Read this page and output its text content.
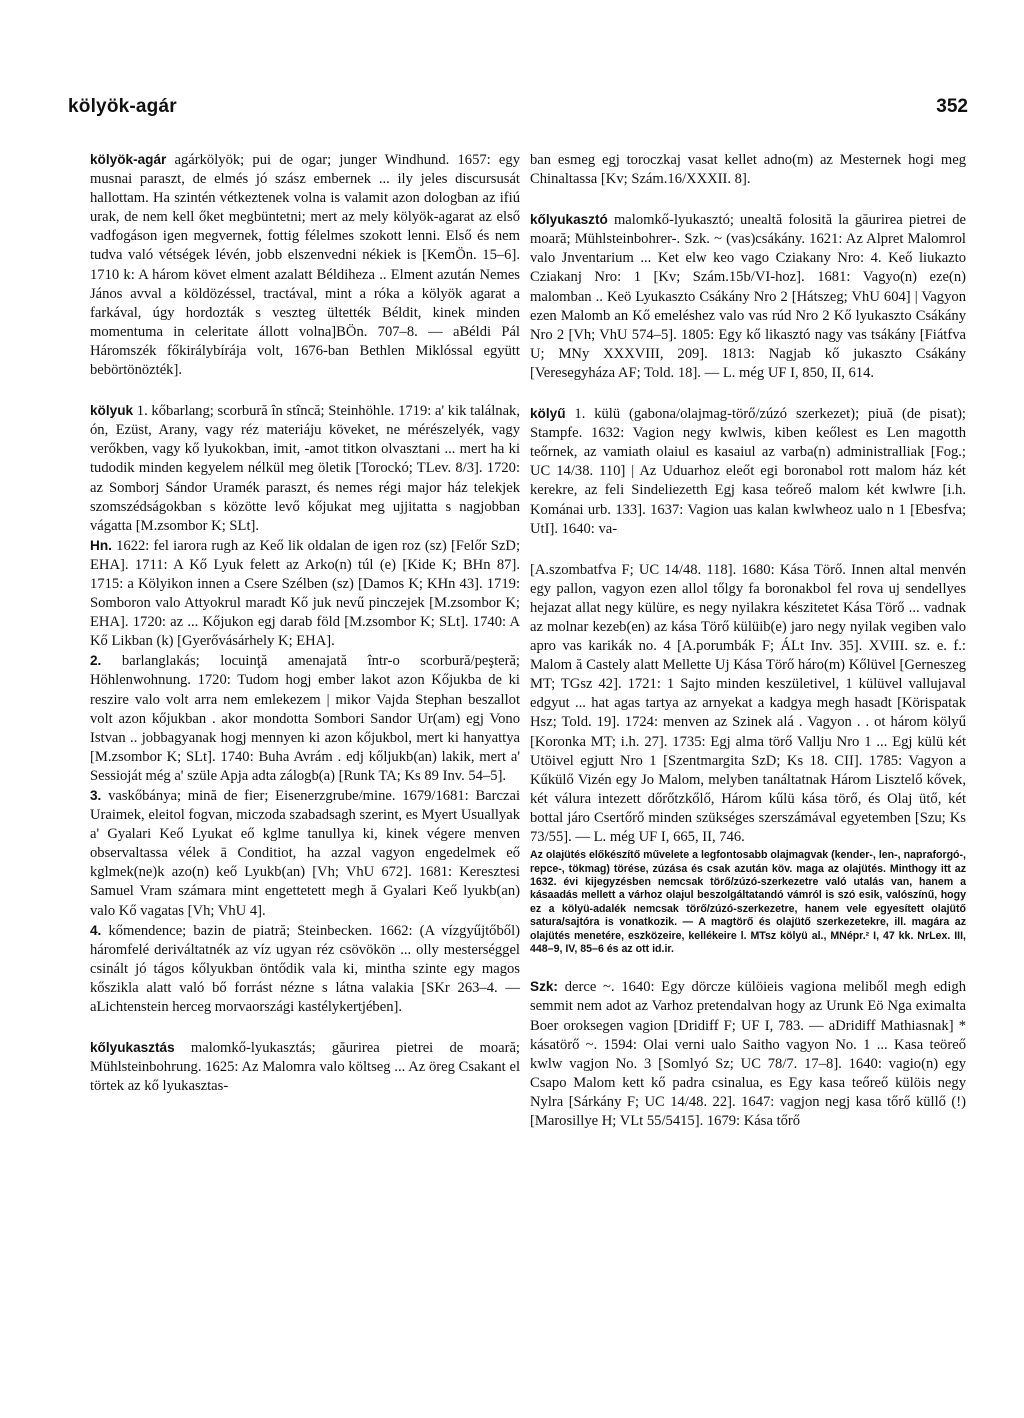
kölyök-agár	352

kölyök-agár agárkölyök; pui de ogar; junger Windhund. 1657: egy musnai paraszt, de elmés jó szász embernek ... ily jeles discursusát hallottam. Ha szintén vétkeztenek volna is valamit azon dologban az ifiú urak, de nem kell őket megbüntetni; mert az mely kölyök-agarat az első vadfogáson igen megvernek, fottig félelmes szokott lenni. Első és nem tudva való vétségek lévén, jobb elszenvedni nékiek is [KemÖn. 15–6]. 1710 k: A három követ elment azalatt Béldiheza .. Elment azután Nemes János avval a köldözéssel, tractával, mint a róka a kölyök agarat a farkával, úgy hordozták s veszteg ültették Béldit, kinek minden momentuma in celeritate állott volna]BÖn. 707–8. — aBéldi Pál Háromszék főkirálybírája volt, 1676-ban Bethlen Miklóssal együtt bebörtönözték].

kölyuk 1. kőbarlang; scorbură în stîncă; Steinhöhle. 1719: a' kik találnak, ón, Ezüst, Arany, vagy réz materiáju köveket, ne mérészelyék, vagy verőkben, vagy kő lyukokban, imit, -amot titkon olvasztani ... mert ha ki tudodik minden kegyelem nélkül meg öletik [Torockó; TLev. 8/3]. 1720: az Somborj Sándor Uramék paraszt, és nemes régi major ház telekjek szomszédságokban s közötte levő kőjukat meg ujjitatta s nagjobban vágatta [M.zsombor K; SLt].

Hn. 1622: fel iarora rugh az Keő lik oldalan de igen roz (sz) [Felőr SzD; EHA]. 1711: A Kő Lyuk felett az Arko(n) túl (e) [Kide K; BHn 87]. 1715: a Kölyikon innen a Csere Szélben (sz) [Damos K; KHn 43]. 1719: Somboron valo Attyokrul maradt Kő juk nevű pinczejek [M.zsombor K; EHA]. 1720: az ... Kőjukon egj darab föld [M.zsombor K; SLt]. 1740: A Kő Likban (k) [Gyerővásárhely K; EHA].

2. barlanglakás; locuinţă amenajată într-o scorbură/peşteră; Höhlenwohnung. 1720: Tudom hogj ember lakot azon Kőjukba de ki reszire valo volt arra nem emlekezem | mikor Vajda Stephan beszallot volt azon kőjukban . akor mondotta Sombori Sandor Ur(am) egj Vono Istvan .. jobbagyanak hogj mennyen ki azon kőjukbol, mert ki hanyattya [M.zsombor K; SLt]. 1740: Buha Avrám . edj kőljukb(an) lakik, mert a' Sessioját még a' szüle Apja adta zálogb(a) [Runk TA; Ks 89 Inv. 54–5].

3. vaskőbánya; mină de fier; Eisenerzgrube/mine. 1679/1681: Barczai Uraimek, eleitol fogvan, miczoda szabadsagh szerint, es Myert Usuallyak a' Gyalari Keő Lyukat eő kglme tanullya ki, kinek végere menven observaltassa vélek ā Conditiot, ha azzal vagyon engedelmek eő kglmek(ne)k azo(n) keő Lyukb(an) [Vh; VhU 672]. 1681: Keresztesi Samuel Vram számara mint engettetett megh ă Gyalari Keő lyukb(an) valo Kő vagatas [Vh; VhU 4].

4. kőmendence; bazin de piatră; Steinbecken. 1662: (A vízgyűjtőből) háromfelé deriváltatnék az víz ugyan réz csövökön ... olly mesterséggel csinált jó tágos kőlyukban öntődik vala ki, mintha szinte egy magos kőszikla alatt való bő forrást nézne s látna valakia [SKr 263–4. — aLichtenstein herceg morvaországi kastélykertjében].

kőlyukasztás malomkő-lyukasztás; găurirea pietrei de moară; Mühlsteinbohrung. 1625: Az Malomra valo költseg ... Az öreg Csakant el törtek az kő lyukasztas-

ban esmeg egj toroczkaj vasat kellet adno(m) az Mesternek hogi meg Chinaltassa [Kv; Szám.16/XXXII. 8].

kőlyukasztó malomkő-lyukasztó; unealtă folosită la găurirea pietrei de moară; Mühlsteinbohrer-. Szk. ~ (vas)csákány. 1621: Az Alpret Malomrol valo Jnventarium ... Ket elw keo vago Cziakany Nro: 4. Keő liukazto Cziakanj Nro: 1 [Kv; Szám.15b/VI-hoz]. 1681: Vagyo(n) eze(n) malomban .. Keö Lyukaszto Csákány Nro 2 [Hátszeg; VhU 604] | Vagyon ezen Malomb an Kő emeléshez valo vas rúd Nro 2 Kő lyukaszto Csákány Nro 2 [Vh; VhU 574–5]. 1805: Egy kő likasztó nagy vas tsákány [Fiátfva U; MNy XXXVIII, 209]. 1813: Nagjab kő jukaszto Csákány [Veresegyháza AF; Told. 18]. — L. még UF I, 850, II, 614.

kölyű 1. külü (gabona/olajmag-törő/zúzó szerkezet); piuă (de pisat); Stampfe. 1632: Vagion negy kwlwis, kiben keőlest es Len magotth teőrnek, az vamiath olaiul es kasaiul az varba(n) administralliak [Fog.; UC 14/38. 110] | Az Uduarhoz eleőt egi boronabol rott malom ház két kerekre, az feli Sindeliezetth Egj kasa teőreő malom két kwlwre [i.h. Kománai urb. 133]. 1637: Vagion uas kalan kwlwheoz ualo n 1 [Ebesfva; UtI]. 1640: va-

[A.szombatfva F; UC 14/48. 118]. 1680: Kása Törő. Innen altal menvén egy pallon, vagyon ezen allol tőlgy fa boronakbol fel rova uj sendellyes hejazat allat negy külüre, es negy nyilakra készitetet Kása Törő ... vadnak az molnar kezeb(en) az kása Törő külüib(e) jaro negy nyilak vegiben valo apro vas karikák no. 4 [A.porumbák F; ÁLt Inv. 35]. XVIII. sz. e. f.: Malom ă Castely alatt Mellette Uj Kása Törő háro(m) Kőlüvel [Gerneszeg MT; TGsz 42]. 1721: 1 Sajto minden keszületivel, 1 külüvel vallujaval edgyut ... hat agas tartya az arnyekat a kadgya megh hasadt [Körispatak Hsz; Told. 19]. 1724: menven az Szinek alá . Vagyon . . ot három kölyű [Koronka MT; i.h. 27]. 1735: Egj alma törő Vallju Nro 1 ... Egj külü két Utöivel egjutt Nro 1 [Szentmargita SzD; Ks 18. CII]. 1785: Vagyon a Kűkülő Vizén egy Jo Malom, melyben tanáltatnak Három Lisztelő kővek, két válura intezett dőrőtzkőlő, Három kűlü kása törő, és Olaj ütő, két bottal járo Csertőrő minden szükséges szerszámával egyetemben [Szu; Ks 73/55]. — L. még UF I, 665, II, 746.

Az olajütés előkészítő művelete a legfontosabb olajmagvak (kender-, len-, napraforgó-, repce-, tökmag) törése, zúzása és csak azután köv. maga az olajütés. Minthogy itt az 1632. évi kijegyzésben nemcsak törő/zúzó-szerkezetre való utalás van, hanem a kásaadás mellett a várhoz olajul beszolgáltatandó vámról is szó esik, valószínű, hogy ez a kölyü-adalék nemcsak törő/zúzó-szerkezetre, hanem vele egyesített olajütő satura/sajtóra is vonatkozik. — A magtörő és olajütő szerkezetekre, ill. magára az olajütés menetére, eszközeire, kellékeire l. MTsz kölyü al., MNépr.² I, 47 kk. NrLex. III, 448–9, IV, 85–6 és az ott id.ir.

Szk: derce ~. 1640: Egy dörcze külöieis vagiona meliből megh edigh semmit nem adot az Varhoz pretendalvan hogy az Urunk Eö Nga eximalta Boer oroksegen vagion [Dridiff F; UF I, 783. — aDridiff Mathiasnak] * kásatörő ~. 1594: Olai verni ualo Saitho vagyon No. 1 ... Kasa teöreő kwlw vagjon No. 3 [Somlyó Sz; UC 78/7. 17–8]. 1640: vagio(n) egy Csapo Malom kett kő padra csinalua, es Egy kasa teőreő külöis negy Nylra [Sárkány F; UC 14/48. 22]. 1647: vagjon negj kasa tőrő küllő (!) [Marosillye H; VLt 55/5415]. 1679: Kása tőrő
